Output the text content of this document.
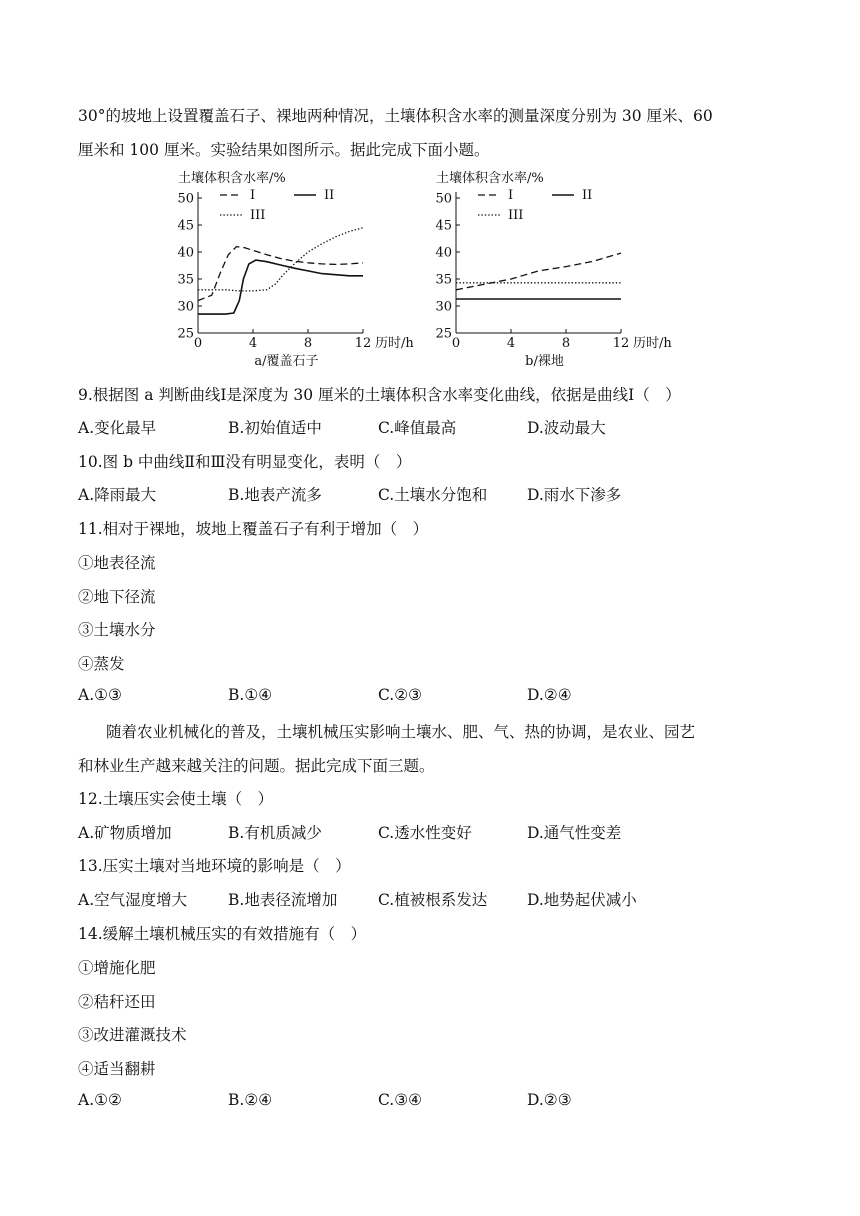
30°的坡地上设置覆盖石子、裸地两种情况，土壤体积含水率的测量深度分别为 30 厘米、60
厘米和 100 厘米。实验结果如图所示。据此完成下面小题。
土壤体积含水率/%
25
30
35
40
45
50
0	4	8	12 历时/h
a/覆盖石子
I	II
III
土壤体积含水率/%
25
30
35
40
45
50
0	4	8	12 历时/h
b/裸地
I	II
III
9.根据图 a 判断曲线Ⅰ是深度为 30 厘米的土壤体积含水率变化曲线，依据是曲线Ⅰ（　）
A.变化最早	B.初始值适中	C.峰值最高	D.波动最大
10.图 b 中曲线Ⅱ和Ⅲ没有明显变化，表明（　）
A.降雨最大	B.地表产流多	C.土壤水分饱和	D.雨水下渗多
11.相对于裸地，坡地上覆盖石子有利于增加（　）
①地表径流
②地下径流
③土壤水分
④蒸发
A.①③	B.①④	C.②③	D.②④
随着农业机械化的普及，土壤机械压实影响土壤水、肥、气、热的协调，是农业、园艺
和林业生产越来越关注的问题。据此完成下面三题。
12.土壤压实会使土壤（　）
A.矿物质增加	B.有机质减少	C.透水性变好	D.通气性变差
13.压实土壤对当地环境的影响是（　）
A.空气湿度增大	B.地表径流增加	C.植被根系发达	D.地势起伏减小
14.缓解土壤机械压实的有效措施有（　）
①增施化肥
②秸秆还田
③改进灌溉技术
④适当翻耕
A.①②	B.②④	C.③④	D.②③
